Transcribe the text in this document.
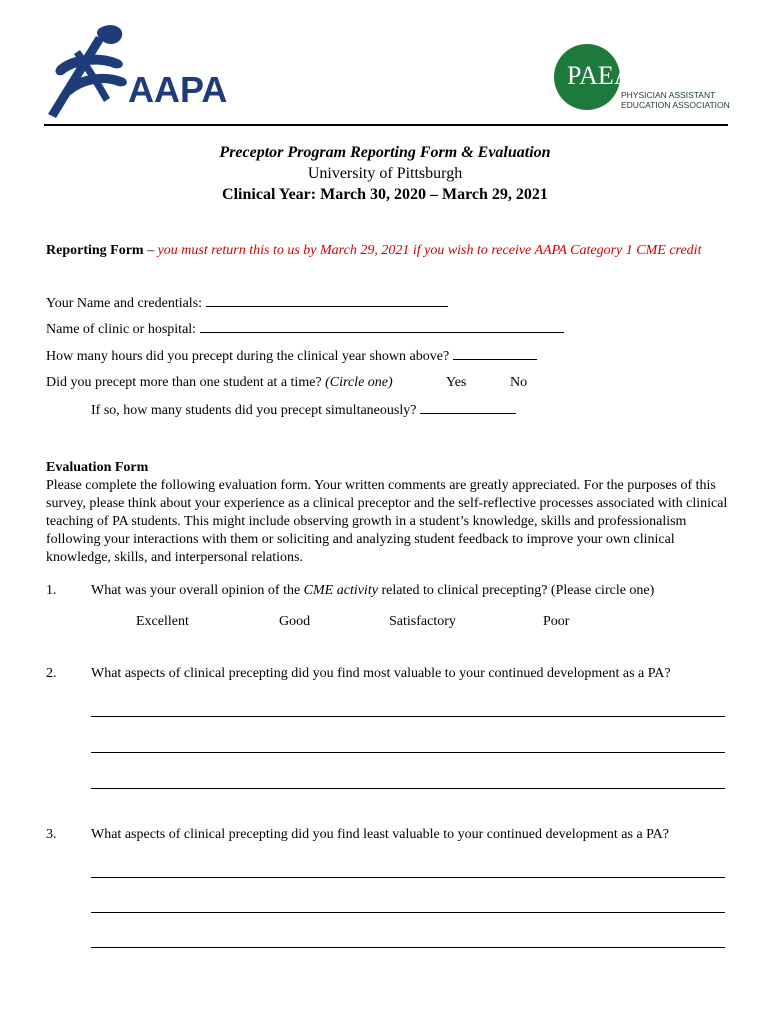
AAPA	PAEA
PHYSICIAN ASSISTANT
EDUCATION ASSOCIATION
Preceptor Program Reporting Form & Evaluation
University of Pittsburgh
Clinical Year: March 30, 2020 – March 29, 2021
Reporting Form – you must return this to us by March 29, 2021 if you wish to receive AAPA Category 1 CME credit
Your Name and credentials:
Name of clinic or hospital:
How many hours did you precept during the clinical year shown above?
Did you precept more than one student at a time? (Circle one)	Yes	No
If so, how many students did you precept simultaneously?
Evaluation Form
Please complete the following evaluation form. Your written comments are greatly appreciated. For the purposes of this survey, please think about your experience as a clinical preceptor and the self-reflective processes associated with clinical teaching of PA students. This might include observing growth in a student’s knowledge, skills and professionalism following your interactions with them or soliciting and analyzing student feedback to improve your own clinical knowledge, skills, and interpersonal relations.
1. What was your overall opinion of the CME activity related to clinical precepting? (Please circle one)
Excellent	Good	Satisfactory	Poor
2. What aspects of clinical precepting did you find most valuable to your continued development as a PA?
3. What aspects of clinical precepting did you find least valuable to your continued development as a PA?
